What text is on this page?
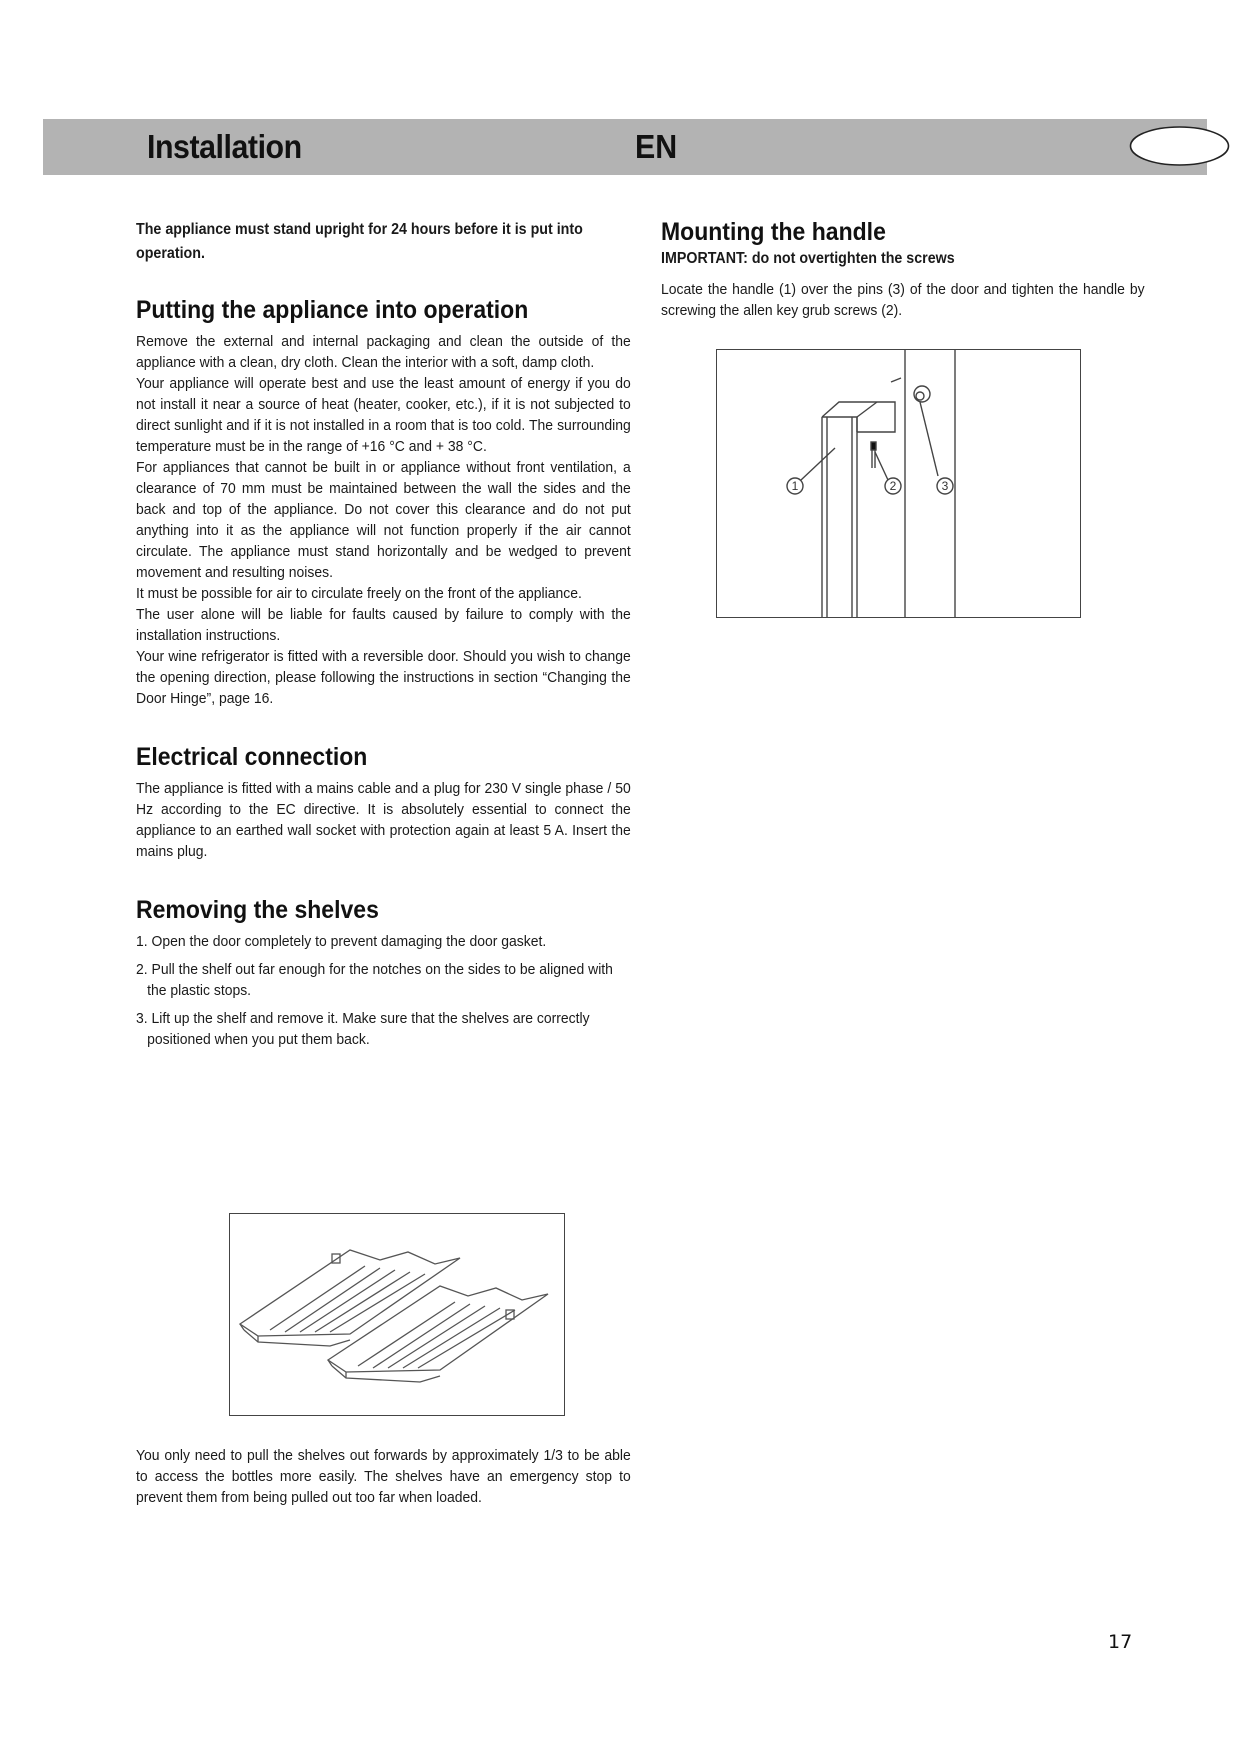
Installation	EN

The appliance must stand upright for 24 hours before it is put into operation.

Putting the appliance into operation

Remove the external and internal packaging and clean the outside of the appliance with a clean, dry cloth. Clean the interior with a soft, damp cloth.

Your appliance will operate best and use the least amount of energy if you do not install it near a source of heat (heater, cooker, etc.), if it is not subjected to direct sunlight and if it is not installed in a room that is too cold. The surrounding temperature must be in the range of +16 °C and + 38 °C.

For appliances that cannot be built in or appliance without front ventilation, a clearance of 70 mm must be maintained between the wall the sides and the back and top of the appliance. Do not cover this clearance and do not put anything into it as the appliance will not function properly if the air cannot circulate. The appliance must stand horizontally and be wedged to prevent movement and resulting noises.

It must be possible for air to circulate freely on the front of the appliance.

The user alone will be liable for faults caused by failure to comply with the installation instructions.

Your wine refrigerator is fitted with a reversible door. Should you wish to change the opening direction, please following the instructions in section “Changing the Door Hinge”, page 16.

Electrical connection

The appliance is fitted with a mains cable and a plug for 230 V single phase / 50 Hz according to the EC directive. It is absolutely essential to connect the appliance to an earthed wall socket with protection again at least 5 A. Insert the mains plug.

Removing the shelves
1. Open the door completely to prevent damaging the door gasket.
2. Pull the shelf out far enough for the notches on the sides to be aligned with the plastic stops.
3. Lift up the shelf and remove it. Make sure that the shelves are correctly positioned when you put them back.

You only need to pull the shelves out forwards by approximately 1/3 to be able to access the bottles more easily. The shelves have an emergency stop to prevent them from being pulled out too far when loaded.

Mounting the handle

IMPORTANT: do not overtighten the screws

Locate the handle (1) over the pins (3) of the door and tighten the handle by screwing the allen key grub screws (2).

1	2	3
17
